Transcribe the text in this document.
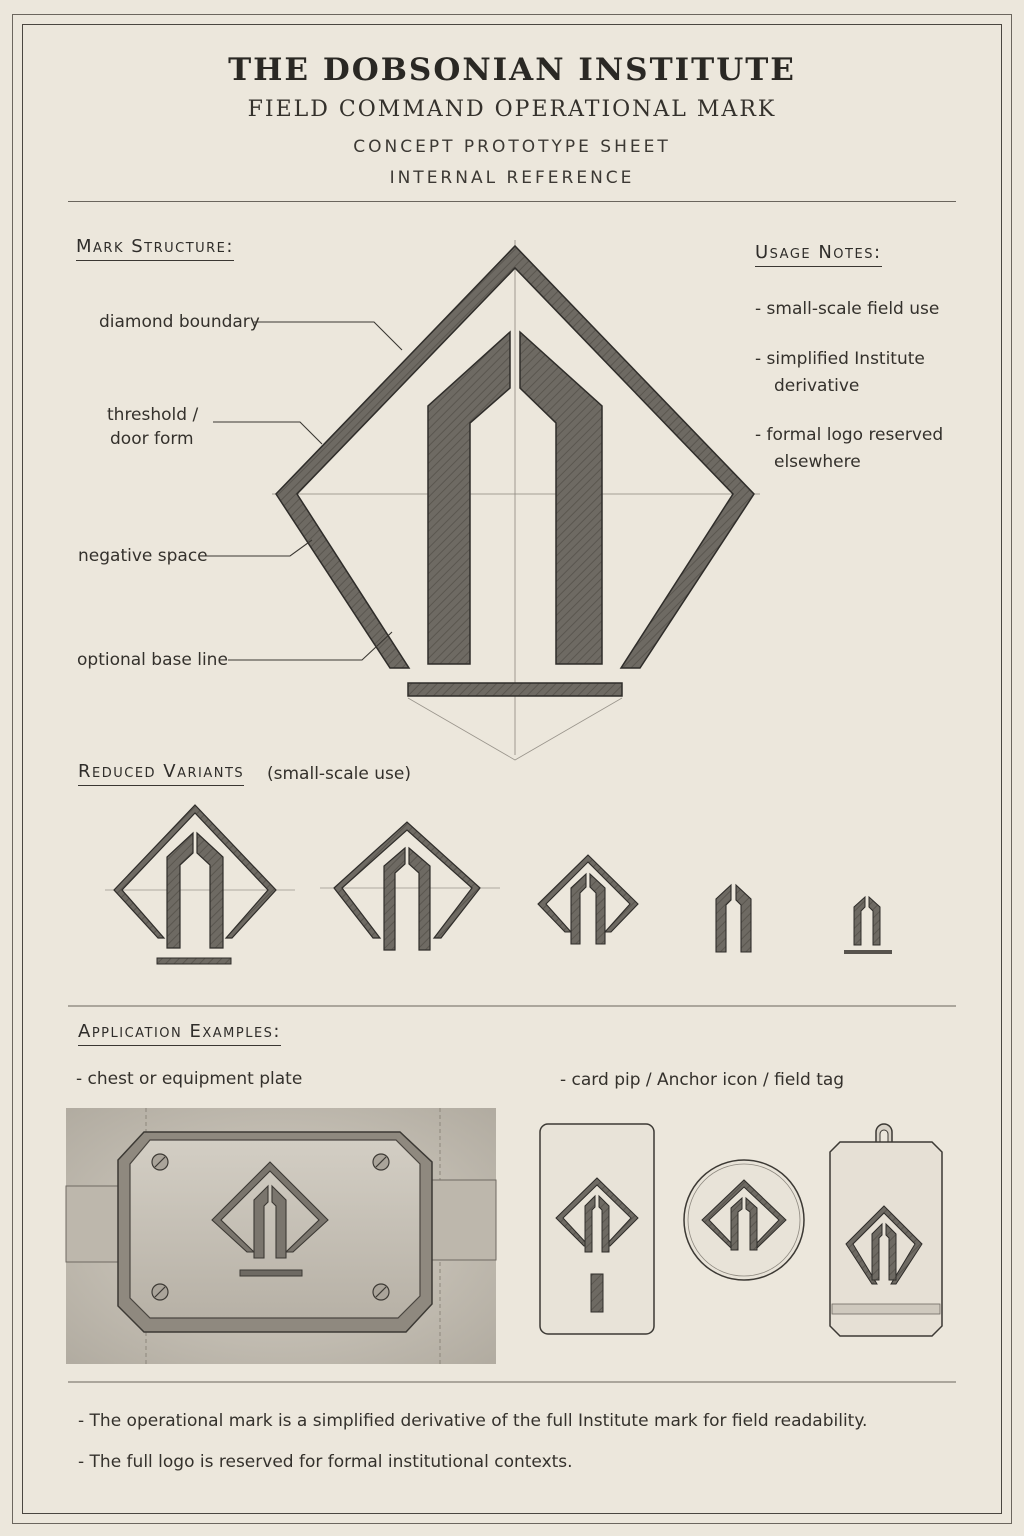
THE DOBSONIAN INSTITUTE
FIELD COMMAND OPERATIONAL MARK
CONCEPT PROTOTYPE SHEET
INTERNAL REFERENCE
Mark Structure:
diamond boundary
threshold /
door form
negative space
optional base line
Usage Notes:
- small-scale field use
- simplified Institute
derivative
- formal logo reserved
elsewhere
Reduced Variants (small-scale use)
Application Examples:
- chest or equipment plate	- card pip / Anchor icon / field tag
- The operational mark is a simplified derivative of the full Institute mark for field readability.
- The full logo is reserved for formal institutional contexts.
